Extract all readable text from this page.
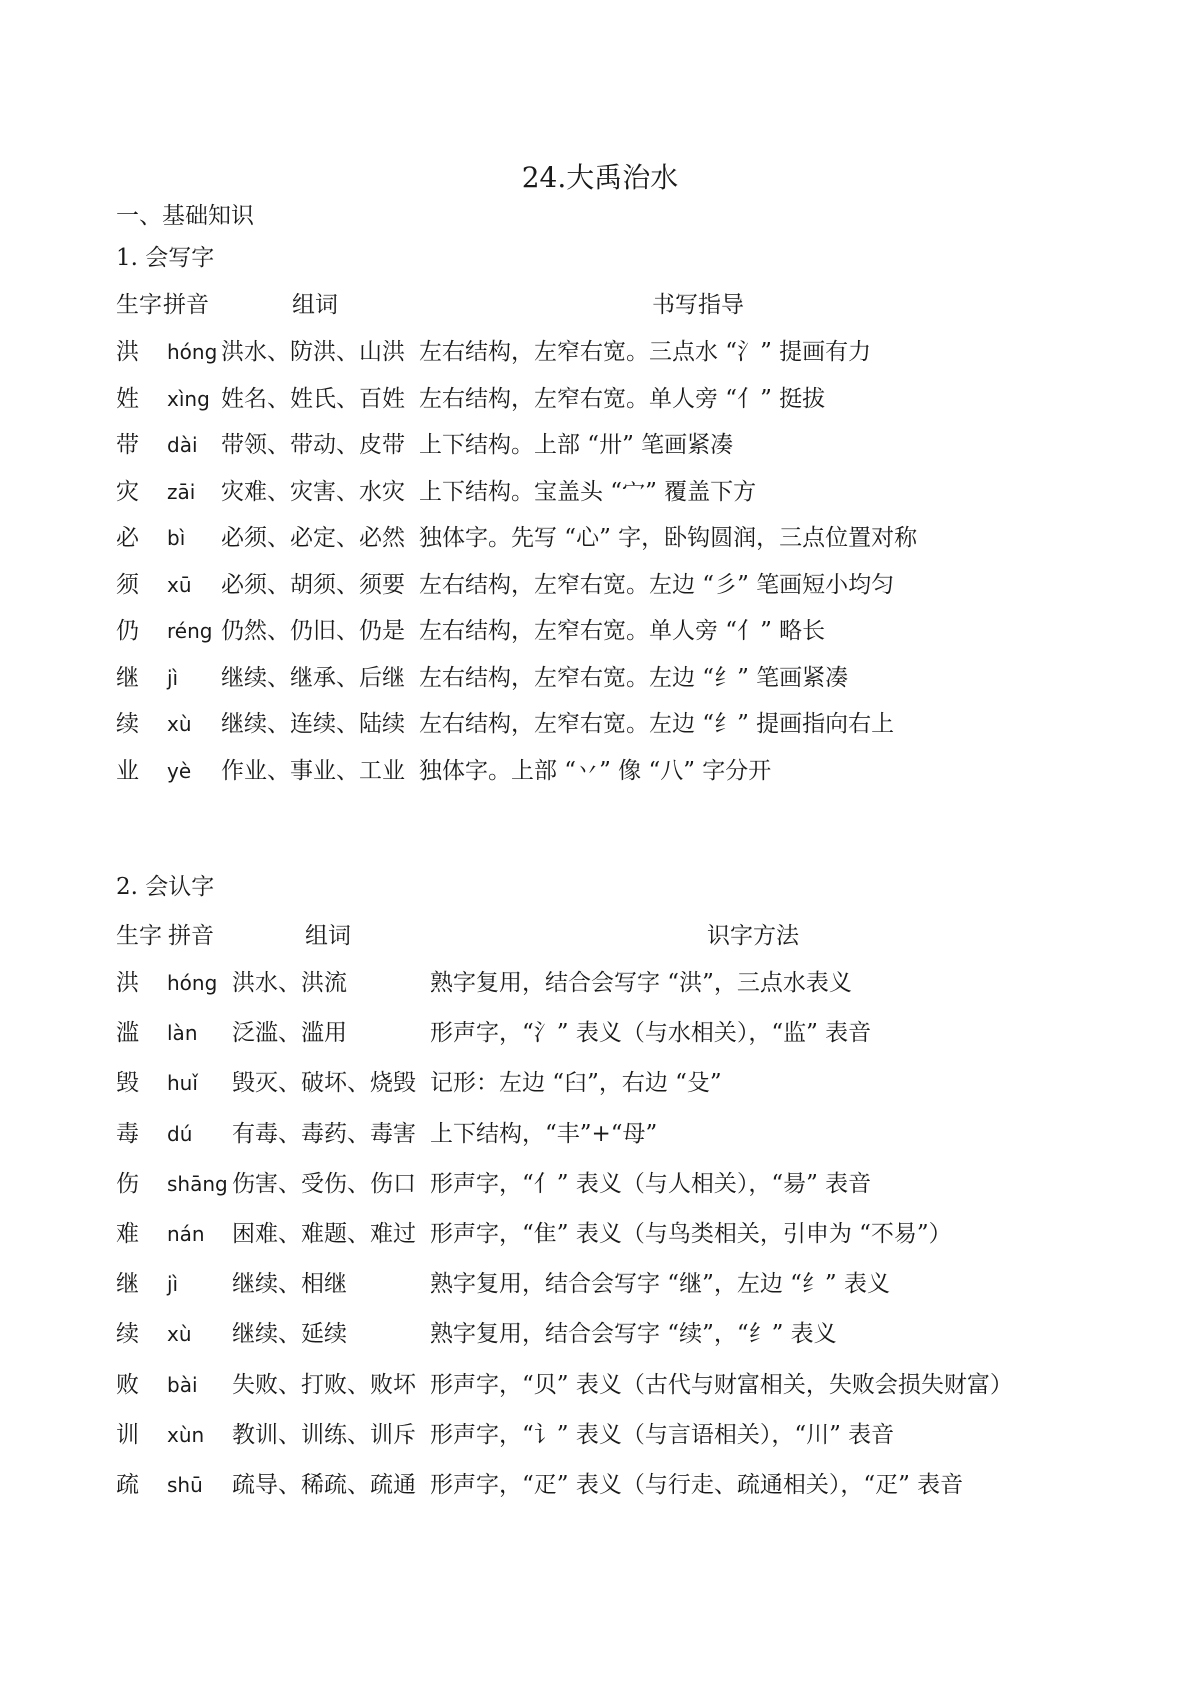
24.大禹治水
一、基础知识
1. 会写字
生字 拼音	组词	书写指导
洪 hóng 洪水、防洪、山洪 左右结构，左窄右宽。三点水 “氵” 提画有力
姓 xìng 姓名、姓氏、百姓 左右结构，左窄右宽。单人旁 “亻” 挺拔
带 dài 带领、带动、皮带 上下结构。上部 “卅” 笔画紧凑
灾 zāi 灾难、灾害、水灾 上下结构。宝盖头 “宀” 覆盖下方
必 bì 必须、必定、必然 独体字。先写 “心” 字，卧钩圆润，三点位置对称
须 xū 必须、胡须、须要 左右结构，左窄右宽。左边 “彡” 笔画短小均匀
仍 réng 仍然、仍旧、仍是 左右结构，左窄右宽。单人旁 “亻” 略长
继 jì 继续、继承、后继 左右结构，左窄右宽。左边 “纟” 笔画紧凑
续 xù 继续、连续、陆续 左右结构，左窄右宽。左边 “纟” 提画指向右上
业 yè 作业、事业、工业 独体字。上部 “丷” 像 “八” 字分开
2. 会认字
生字 拼音	组词	识字方法
洪 hóng 洪水、洪流	熟字复用，结合会写字 “洪”，三点水表义
滥 làn 泛滥、滥用	形声字，“氵” 表义（与水相关），“监” 表音
毁 huǐ 毁灭、破坏、烧毁 记形：左边 “臼”，右边 “殳”
毒 dú 有毒、毒药、毒害 上下结构，“丰”+“母”
伤 shāng 伤害、受伤、伤口 形声字，“亻” 表义（与人相关），“昜” 表音
难 nán 困难、难题、难过 形声字，“隹” 表义（与鸟类相关，引申为 “不易”）
继 jì 继续、相继	熟字复用，结合会写字 “继”，左边 “纟” 表义
续 xù 继续、延续	熟字复用，结合会写字 “续”，“纟” 表义
败 bài 失败、打败、败坏 形声字，“贝” 表义（古代与财富相关，失败会损失财富）
训 xùn 教训、训练、训斥 形声字，“讠” 表义（与言语相关），“川” 表音
疏 shū 疏导、稀疏、疏通 形声字，“疋” 表义（与行走、疏通相关），“疋” 表音
